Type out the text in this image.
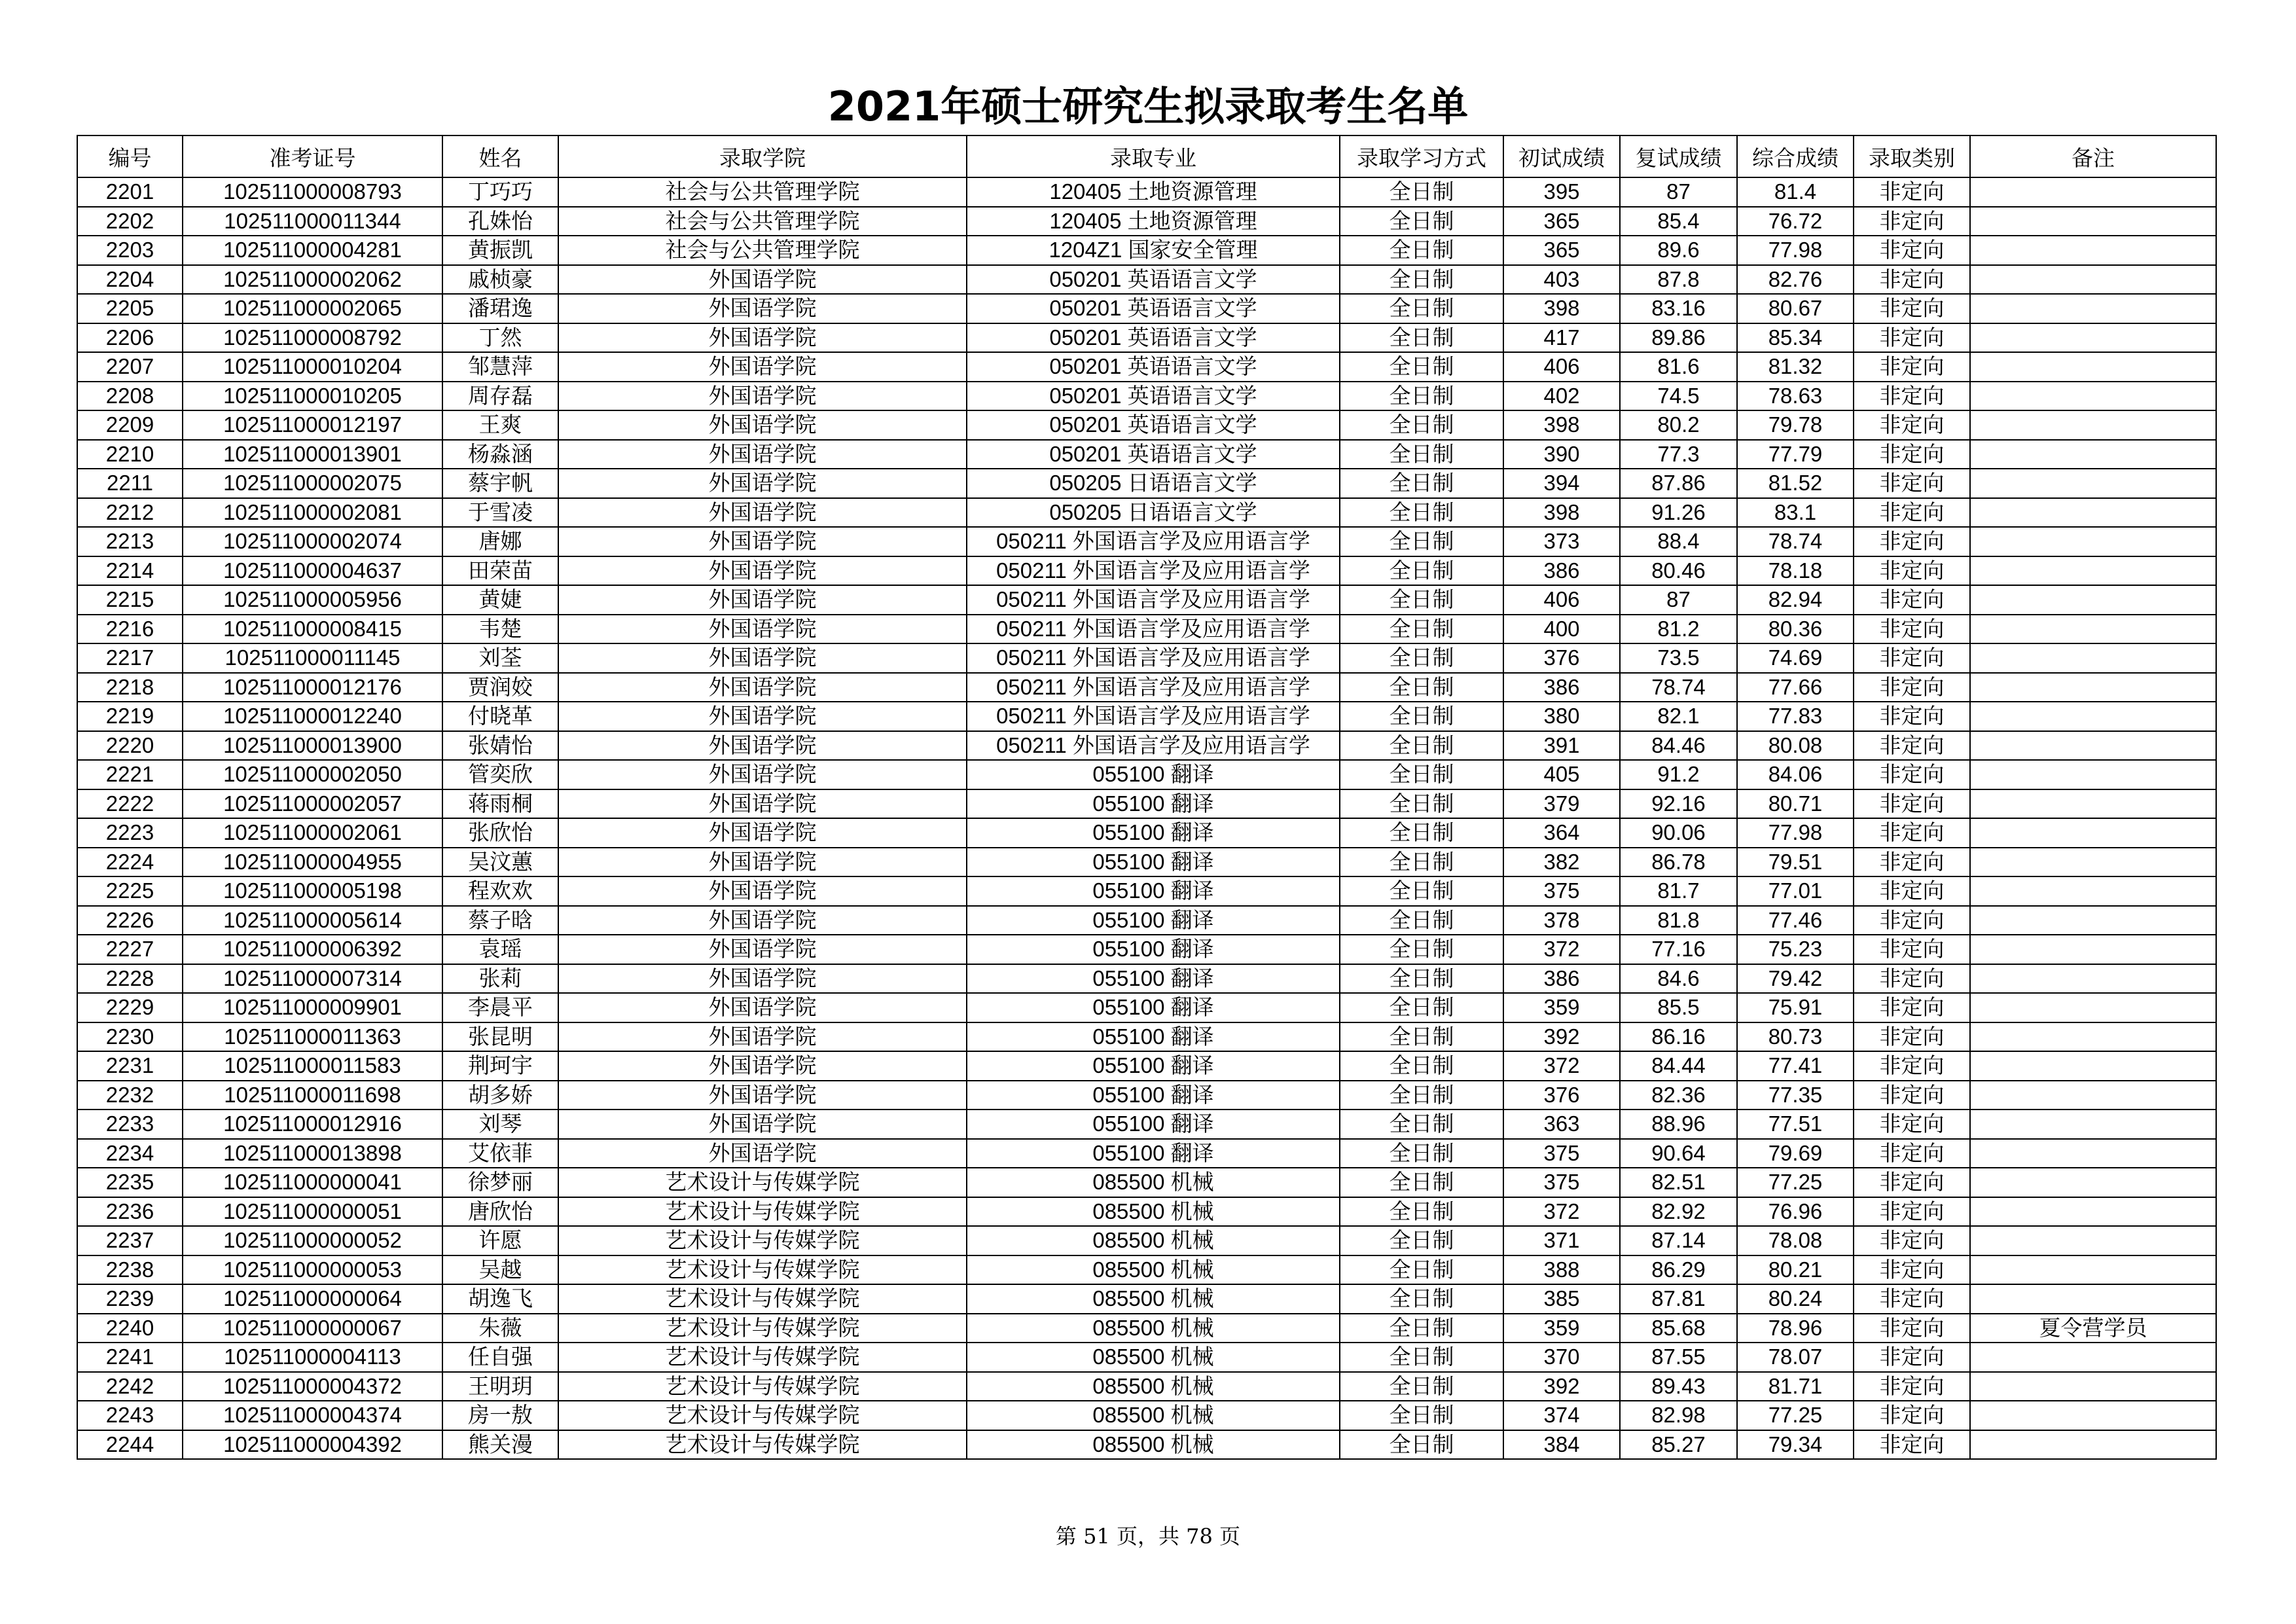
2021年硕士研究生拟录取考生名单
编号	准考证号	姓名	录取学院	录取专业	录取学习方式	初试成绩	复试成绩	综合成绩	录取类别	备注
2201	102511000008793	丁巧巧	社会与公共管理学院	120405 土地资源管理	全日制	395	87	81.4	非定向	
2202	102511000011344	孔姝怡	社会与公共管理学院	120405 土地资源管理	全日制	365	85.4	76.72	非定向	
2203	102511000004281	黄振凯	社会与公共管理学院	1204Z1 国家安全管理	全日制	365	89.6	77.98	非定向	
2204	102511000002062	戚桢豪	外国语学院	050201 英语语言文学	全日制	403	87.8	82.76	非定向	
2205	102511000002065	潘珺逸	外国语学院	050201 英语语言文学	全日制	398	83.16	80.67	非定向	
2206	102511000008792	丁然	外国语学院	050201 英语语言文学	全日制	417	89.86	85.34	非定向	
2207	102511000010204	邹慧萍	外国语学院	050201 英语语言文学	全日制	406	81.6	81.32	非定向	
2208	102511000010205	周存磊	外国语学院	050201 英语语言文学	全日制	402	74.5	78.63	非定向	
2209	102511000012197	王爽	外国语学院	050201 英语语言文学	全日制	398	80.2	79.78	非定向	
2210	102511000013901	杨淼涵	外国语学院	050201 英语语言文学	全日制	390	77.3	77.79	非定向	
2211	102511000002075	蔡宇帆	外国语学院	050205 日语语言文学	全日制	394	87.86	81.52	非定向	
2212	102511000002081	于雪凌	外国语学院	050205 日语语言文学	全日制	398	91.26	83.1	非定向	
2213	102511000002074	唐娜	外国语学院	050211 外国语言学及应用语言学	全日制	373	88.4	78.74	非定向	
2214	102511000004637	田荣苗	外国语学院	050211 外国语言学及应用语言学	全日制	386	80.46	78.18	非定向	
2215	102511000005956	黄婕	外国语学院	050211 外国语言学及应用语言学	全日制	406	87	82.94	非定向	
2216	102511000008415	韦楚	外国语学院	050211 外国语言学及应用语言学	全日制	400	81.2	80.36	非定向	
2217	102511000011145	刘荃	外国语学院	050211 外国语言学及应用语言学	全日制	376	73.5	74.69	非定向	
2218	102511000012176	贾润姣	外国语学院	050211 外国语言学及应用语言学	全日制	386	78.74	77.66	非定向	
2219	102511000012240	付晓革	外国语学院	050211 外国语言学及应用语言学	全日制	380	82.1	77.83	非定向	
2220	102511000013900	张婧怡	外国语学院	050211 外国语言学及应用语言学	全日制	391	84.46	80.08	非定向	
2221	102511000002050	管奕欣	外国语学院	055100 翻译	全日制	405	91.2	84.06	非定向	
2222	102511000002057	蒋雨桐	外国语学院	055100 翻译	全日制	379	92.16	80.71	非定向	
2223	102511000002061	张欣怡	外国语学院	055100 翻译	全日制	364	90.06	77.98	非定向	
2224	102511000004955	吴汶蕙	外国语学院	055100 翻译	全日制	382	86.78	79.51	非定向	
2225	102511000005198	程欢欢	外国语学院	055100 翻译	全日制	375	81.7	77.01	非定向	
2226	102511000005614	蔡子晗	外国语学院	055100 翻译	全日制	378	81.8	77.46	非定向	
2227	102511000006392	袁瑶	外国语学院	055100 翻译	全日制	372	77.16	75.23	非定向	
2228	102511000007314	张莉	外国语学院	055100 翻译	全日制	386	84.6	79.42	非定向	
2229	102511000009901	李晨平	外国语学院	055100 翻译	全日制	359	85.5	75.91	非定向	
2230	102511000011363	张昆明	外国语学院	055100 翻译	全日制	392	86.16	80.73	非定向	
2231	102511000011583	荆珂宇	外国语学院	055100 翻译	全日制	372	84.44	77.41	非定向	
2232	102511000011698	胡多娇	外国语学院	055100 翻译	全日制	376	82.36	77.35	非定向	
2233	102511000012916	刘琴	外国语学院	055100 翻译	全日制	363	88.96	77.51	非定向	
2234	102511000013898	艾依菲	外国语学院	055100 翻译	全日制	375	90.64	79.69	非定向	
2235	102511000000041	徐梦丽	艺术设计与传媒学院	085500 机械	全日制	375	82.51	77.25	非定向	
2236	102511000000051	唐欣怡	艺术设计与传媒学院	085500 机械	全日制	372	82.92	76.96	非定向	
2237	102511000000052	许愿	艺术设计与传媒学院	085500 机械	全日制	371	87.14	78.08	非定向	
2238	102511000000053	吴越	艺术设计与传媒学院	085500 机械	全日制	388	86.29	80.21	非定向	
2239	102511000000064	胡逸飞	艺术设计与传媒学院	085500 机械	全日制	385	87.81	80.24	非定向	
2240	102511000000067	朱薇	艺术设计与传媒学院	085500 机械	全日制	359	85.68	78.96	非定向	夏令营学员
2241	102511000004113	任自强	艺术设计与传媒学院	085500 机械	全日制	370	87.55	78.07	非定向	
2242	102511000004372	王明玥	艺术设计与传媒学院	085500 机械	全日制	392	89.43	81.71	非定向	
2243	102511000004374	房一敖	艺术设计与传媒学院	085500 机械	全日制	374	82.98	77.25	非定向	
2244	102511000004392	熊关漫	艺术设计与传媒学院	085500 机械	全日制	384	85.27	79.34	非定向	
第 51 页，共 78 页
